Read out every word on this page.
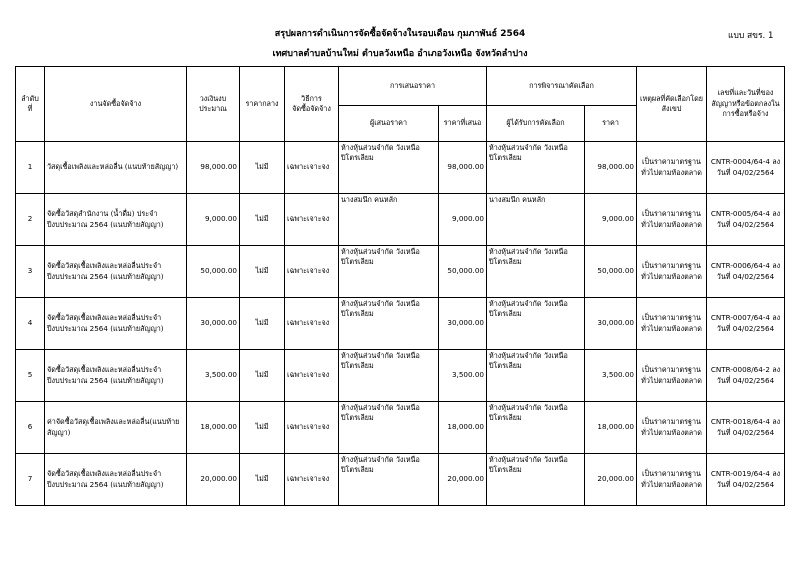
สรุปผลการดำเนินการจัดซื้อจัดจ้างในรอบเดือน กุมภาพันธ์ 2564	แบบ สขร. 1
เทศบาลตำบลบ้านใหม่ ตำบลวังเหนือ อำเภอวังเหนือ จังหวัดลำปาง
ลำดับ
ที่	งานจัดซื้อจัดจ้าง	วงเงินงบประมาณ	ราคากลาง	วิธีการ
จัดซื้อจัดจ้าง	การเสนอราคา		การพิจารณาคัดเลือก		เหตุผลที่คัดเลือกโดยสังเขป	เลขที่และวันที่ของสัญญาหรือข้อตกลงในการซื้อหรือจ้าง
					ผู้เสนอราคา	ราคาที่เสนอ	ผู้ได้รับการคัดเลือก	ราคา		
1	วัสดุเชื้อเพลิงและหล่อลื่น (แนบท้ายสัญญา)	98,000.00	ไม่มี	เฉพาะเจาะจง	ห้างหุ้นส่วนจำกัด วังเหนือปิโตรเลียม	98,000.00	ห้างหุ้นส่วนจำกัด วังเหนือปิโตรเลียม	98,000.00	เป็นราคามาตรฐานทั่วไปตามท้องตลาด	CNTR-0004/64-4 ลงวันที่ 04/02/2564
2	จัดซื้อวัสดุสำนักงาน (น้ำดื่ม) ประจำปีงบประมาณ 2564 (แนบท้ายสัญญา)	9,000.00	ไม่มี	เฉพาะเจาะจง	นางสมนึก คนหลัก	9,000.00	นางสมนึก คนหลัก	9,000.00	เป็นราคามาตรฐานทั่วไปตามท้องตลาด	CNTR-0005/64-4 ลงวันที่ 04/02/2564
3	จัดซื้อวัสดุเชื้อเพลิงและหล่อลื่นประจำปีงบประมาณ 2564 (แนบท้ายสัญญา)	50,000.00	ไม่มี	เฉพาะเจาะจง	ห้างหุ้นส่วนจำกัด วังเหนือปิโตรเลียม	50,000.00	ห้างหุ้นส่วนจำกัด วังเหนือปิโตรเลียม	50,000.00	เป็นราคามาตรฐานทั่วไปตามท้องตลาด	CNTR-0006/64-4 ลงวันที่ 04/02/2564
4	จัดซื้อวัสดุเชื้อเพลิงและหล่อลื่นประจำปีงบประมาณ 2564 (แนบท้ายสัญญา)	30,000.00	ไม่มี	เฉพาะเจาะจง	ห้างหุ้นส่วนจำกัด วังเหนือปิโตรเลียม	30,000.00	ห้างหุ้นส่วนจำกัด วังเหนือปิโตรเลียม	30,000.00	เป็นราคามาตรฐานทั่วไปตามท้องตลาด	CNTR-0007/64-4 ลงวันที่ 04/02/2564
5	จัดซื้อวัสดุเชื้อเพลิงและหล่อลื่นประจำปีงบประมาณ 2564 (แนบท้ายสัญญา)	3,500.00	ไม่มี	เฉพาะเจาะจง	ห้างหุ้นส่วนจำกัด วังเหนือปิโตรเลียม	3,500.00	ห้างหุ้นส่วนจำกัด วังเหนือปิโตรเลียม	3,500.00	เป็นราคามาตรฐานทั่วไปตามท้องตลาด	CNTR-0008/64-2 ลงวันที่ 04/02/2564
6	ค่าจัดซื้อวัสดุเชื้อเพลิงและหล่อลื่น(แนบท้ายสัญญา)	18,000.00	ไม่มี	เฉพาะเจาะจง	ห้างหุ้นส่วนจำกัด วังเหนือปิโตรเลียม	18,000.00	ห้างหุ้นส่วนจำกัด วังเหนือปิโตรเลียม	18,000.00	เป็นราคามาตรฐานทั่วไปตามท้องตลาด	CNTR-0018/64-4 ลงวันที่ 04/02/2564
7	จัดซื้อวัสดุเชื้อเพลิงและหล่อลื่นประจำปีงบประมาณ 2564 (แนบท้ายสัญญา)	20,000.00	ไม่มี	เฉพาะเจาะจง	ห้างหุ้นส่วนจำกัด วังเหนือปิโตรเลียม	20,000.00	ห้างหุ้นส่วนจำกัด วังเหนือปิโตรเลียม	20,000.00	เป็นราคามาตรฐานทั่วไปตามท้องตลาด	CNTR-0019/64-4 ลงวันที่ 04/02/2564
